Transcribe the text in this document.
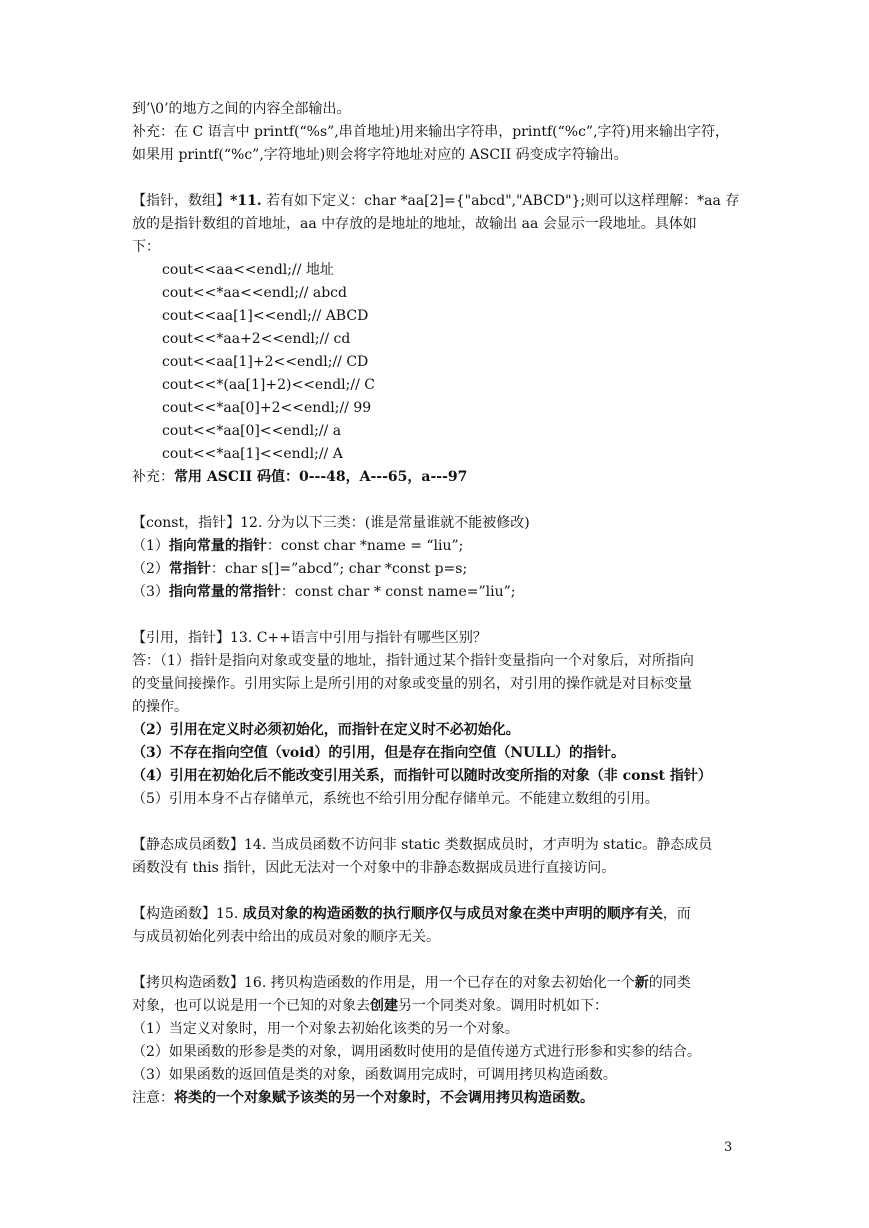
到’\0’的地方之间的内容全部输出。
补充：在 C 语言中 printf(“%s”,串首地址)用来输出字符串，printf(“%c”,字符)用来输出字符，
如果用 printf(“%c”,字符地址)则会将字符地址对应的 ASCII 码变成字符输出。
【指针，数组】*11. 若有如下定义：char *aa[2]={"abcd","ABCD"};则可以这样理解：*aa 存
放的是指针数组的首地址，aa 中存放的是地址的地址，故输出 aa 会显示一段地址。具体如
下：
cout<<aa<<endl;// 地址
cout<<*aa<<endl;// abcd
cout<<aa[1]<<endl;// ABCD
cout<<*aa+2<<endl;// cd
cout<<aa[1]+2<<endl;// CD
cout<<*(aa[1]+2)<<endl;// C
cout<<*aa[0]+2<<endl;// 99
cout<<*aa[0]<<endl;// a
cout<<*aa[1]<<endl;// A
补充：常用 ASCII 码值：0---48，A---65，a---97
【const，指针】12. 分为以下三类：(谁是常量谁就不能被修改)
（1）指向常量的指针：const char *name = “liu”;
（2）常指针：char s[]=”abcd”; char *const p=s;
（3）指向常量的常指针：const char * const name=”liu”;
【引用，指针】13. C++语言中引用与指针有哪些区别？
答：（1）指针是指向对象或变量的地址，指针通过某个指针变量指向一个对象后，对所指向
的变量间接操作。引用实际上是所引用的对象或变量的别名，对引用的操作就是对目标变量
的操作。
（2）引用在定义时必须初始化，而指针在定义时不必初始化。
（3）不存在指向空值（void）的引用，但是存在指向空值（NULL）的指针。
（4）引用在初始化后不能改变引用关系，而指针可以随时改变所指的对象（非 const 指针）
（5）引用本身不占存储单元，系统也不给引用分配存储单元。不能建立数组的引用。
【静态成员函数】14. 当成员函数不访问非 static 类数据成员时，才声明为 static。静态成员
函数没有 this 指针，因此无法对一个对象中的非静态数据成员进行直接访问。
【构造函数】15. 成员对象的构造函数的执行顺序仅与成员对象在类中声明的顺序有关，而
与成员初始化列表中给出的成员对象的顺序无关。
【拷贝构造函数】16. 拷贝构造函数的作用是，用一个已存在的对象去初始化一个新的同类
对象，也可以说是用一个已知的对象去创建另一个同类对象。调用时机如下：
（1）当定义对象时，用一个对象去初始化该类的另一个对象。
（2）如果函数的形参是类的对象，调用函数时使用的是值传递方式进行形参和实参的结合。
（3）如果函数的返回值是类的对象，函数调用完成时，可调用拷贝构造函数。
注意：将类的一个对象赋予该类的另一个对象时，不会调用拷贝构造函数。
3
